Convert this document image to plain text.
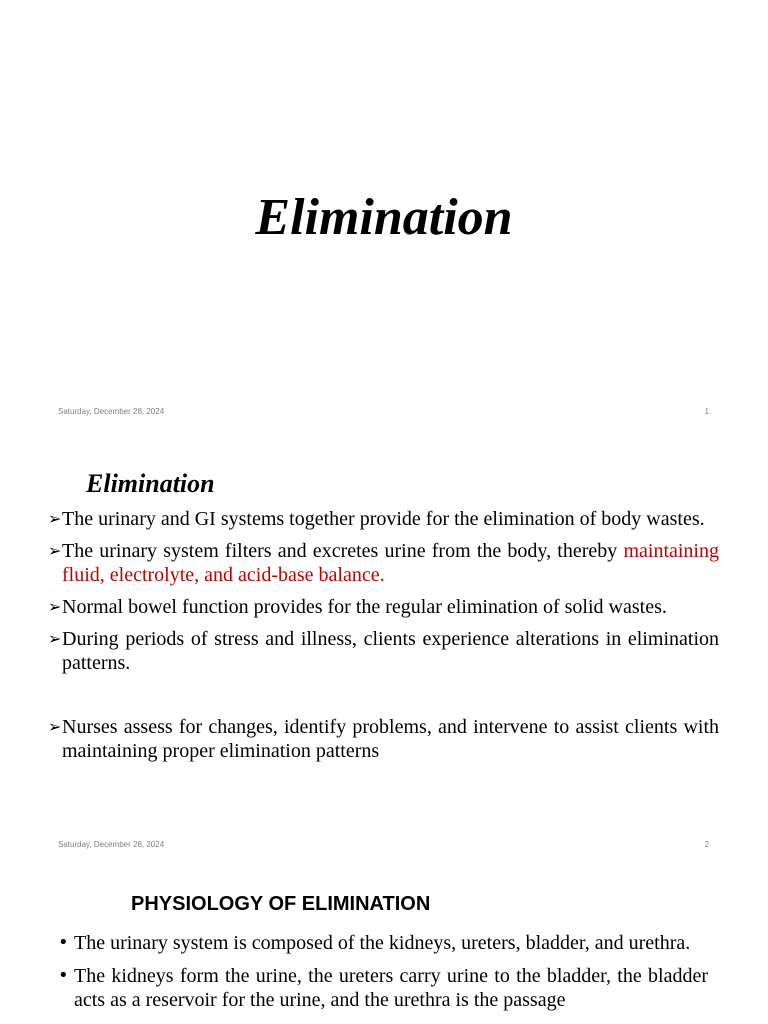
Elimination
Saturday, December 28, 2024	1
Elimination
➢ The urinary and GI systems together provide for the elimination of body wastes.
➢ The urinary system filters and excretes urine from the body, thereby maintaining fluid, electrolyte, and acid-base balance.
➢ Normal bowel function provides for the regular elimination of solid wastes.
➢ During periods of stress and illness, clients experience alterations in elimination patterns.
➢ Nurses assess for changes, identify problems, and intervene to assist clients with maintaining proper elimination patterns
Saturday, December 28, 2024	2
PHYSIOLOGY OF ELIMINATION
• The urinary system is composed of the kidneys, ureters, bladder, and urethra.
• The kidneys form the urine, the ureters carry urine to the bladder, the bladder acts as a reservoir for the urine, and the urethra is the passage
